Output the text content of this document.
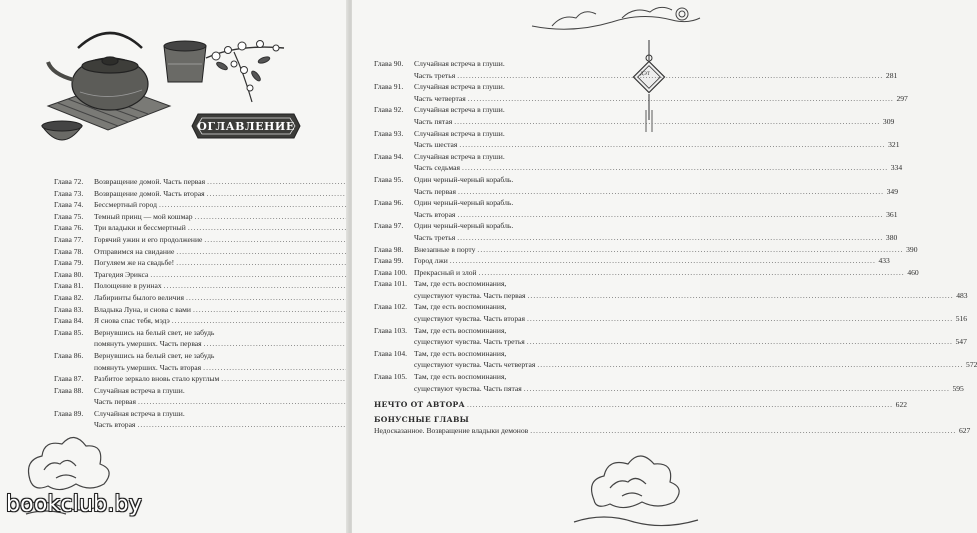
ОГЛАВЛЕНИЕ
Глава 72.	Возвращение домой. Часть первая
.....
Глава 73.	Возвращение домой. Часть вторая
.....
Глава 74.	Бессмертный город
.....
Глава 75.	Темный принц — мой кошмар
.....
Глава 76.	Три владыки и бессмертный
.....
Глава 77.	Горячий ужин и его продолжение
.....
Глава 78.	Отправимся на свидание
.....
Глава 79.	Погуляем же на свадьбе!
.....
Глава 80.	Трагедия Эрикса
.....
Глава 81.	Полощение в руинах
.....
Глава 82.	Лабиринты былого величия
.....
Глава 83.	Владыка Луна, и снова с вами
.....
Глава 84.	Я снова спас тебя, мэдэ
.....
Глава 85.	Вернувшись на белый свет, не забудь
помянуть умерших. Часть первая
.....
Глава 86.	Вернувшись на белый свет, не забудь
помянуть умерших. Часть вторая
.....
Глава 87.	Разбитое зеркало вновь стало круглым
.....
Глава 88.	Случайная встреча в глуши.
Часть первая
.....
Глава 89.	Случайная встреча в глуши.
Часть вторая
.....
bookclub.by
ДЭТ
Глава 90.	Случайная встреча в глуши.
Часть третья .....	281
Глава 91.	Случайная встреча в глуши.
Часть четвертая .....	297
Глава 92.	Случайная встреча в глуши.
Часть пятая .....	309
Глава 93.	Случайная встреча в глуши.
Часть шестая .....	321
Глава 94.	Случайная встреча в глуши.
Часть седьмая .....	334
Глава 95.	Один черный-черный корабль.
Часть первая .....	349
Глава 96.	Один черный-черный корабль.
Часть вторая .....	361
Глава 97.	Один черный-черный корабль.
Часть третья .....	380
Глава 98.	Внезапные в порту .....	390
Глава 99.	Город лжи .....	433
Глава 100. Прекрасный и злой .....	460
Глава 101. Там, где есть воспоминания,
существуют чувства. Часть первая .....	483
Глава 102. Там, где есть воспоминания,
существуют чувства. Часть вторая .....	516
Глава 103. Там, где есть воспоминания,
существуют чувства. Часть третья .....	547
Глава 104. Там, где есть воспоминания,
существуют чувства. Часть четвертая .....	572
Глава 105. Там, где есть воспоминания,
существуют чувства. Часть пятая .....	595
НЕЧТО ОТ АВТОРА .....	622
БОНУСНЫЕ ГЛАВЫ
Недосказанное. Возвращение владыки демонов .....	627
